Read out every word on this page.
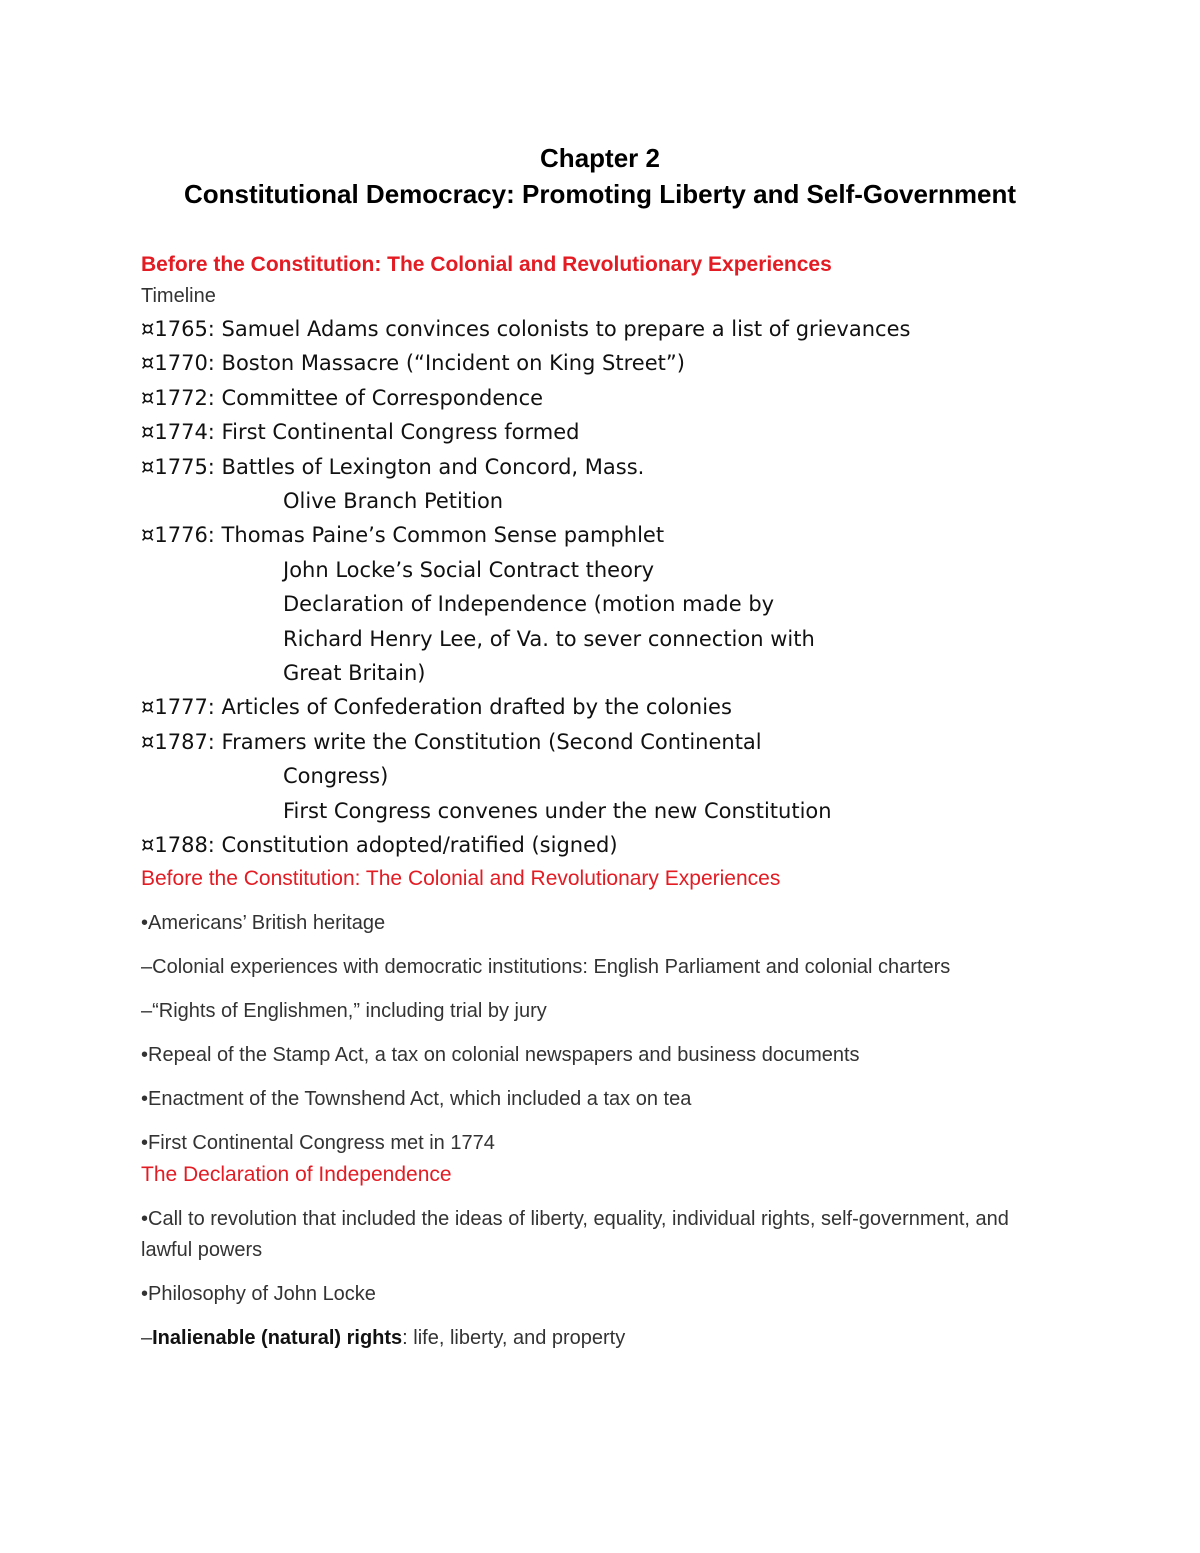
Chapter 2
Constitutional Democracy: Promoting Liberty and Self-Government
Before the Constitution: The Colonial and Revolutionary Experiences
Timeline
¤1765: Samuel Adams convinces colonists to prepare a list of grievances
¤1770: Boston Massacre (“Incident on King Street”)
¤1772: Committee of Correspondence
¤1774: First Continental Congress formed
¤1775: Battles of Lexington and Concord, Mass.
Olive Branch Petition
¤1776: Thomas Paine’s Common Sense pamphlet
John Locke’s Social Contract theory
Declaration of Independence (motion made by
Richard Henry Lee, of Va. to sever connection with
Great Britain)
¤1777: Articles of Confederation drafted by the colonies
¤1787: Framers write the Constitution (Second Continental
Congress)
First Congress convenes under the new Constitution
¤1788: Constitution adopted/ratified (signed)
Before the Constitution: The Colonial and Revolutionary Experiences
•Americans’ British heritage
–Colonial experiences with democratic institutions: English Parliament and colonial charters
–“Rights of Englishmen,” including trial by jury
•Repeal of the Stamp Act, a tax on colonial newspapers and business documents
•Enactment of the Townshend Act, which included a tax on tea
•First Continental Congress met in 1774
The Declaration of Independence
•Call to revolution that included the ideas of liberty, equality, individual rights, self-government, and lawful powers
•Philosophy of John Locke
–Inalienable (natural) rights: life, liberty, and property
